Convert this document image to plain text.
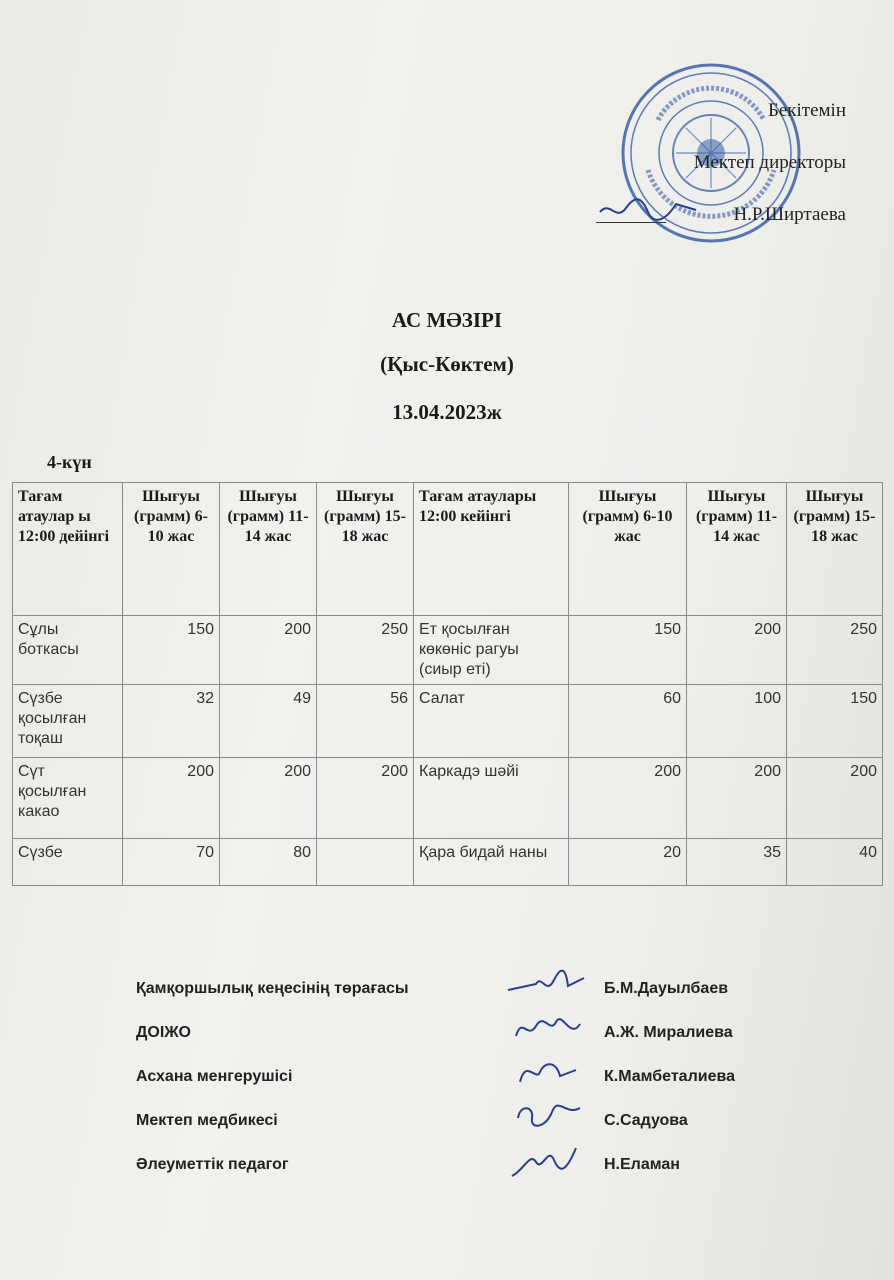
Бекітемін
Мектеп директоры
Н.Р.Ширтаева
АС МӘЗІРІ
(Қыс-Көктем)
13.04.2023ж
4-күн
Тағам атаулар ы 12:00 дейінгі	Шығуы (грамм) 6-10 жас	Шығуы (грамм) 11-14 жас	Шығуы (грамм) 15-18 жас	Тағам атаулары 12:00 кейінгі	Шығуы (грамм) 6-10 жас	Шығуы (грамм) 11-14 жас	Шығуы (грамм) 15-18 жас
Сұлы боткасы	150	200	250	Ет қосылған көкөніс рагуы (сиыр еті)	150	200	250
Сүзбе қосылған тоқаш	32	49	56	Салат	60	100	150
Сүт қосылған какао	200	200	200	Каркадэ шәйі	200	200	200
Сүзбе	70	80		Қара бидай наны	20	35	40
Қамқоршылық кеңесінің төрағасы	Б.М.Дауылбаев
ДОІЖО	А.Ж. Миралиева
Асхана менгерушісі	К.Мамбеталиева
Мектеп медбикесі	С.Садуова
Әлеуметтік педагог	Н.Еламан
